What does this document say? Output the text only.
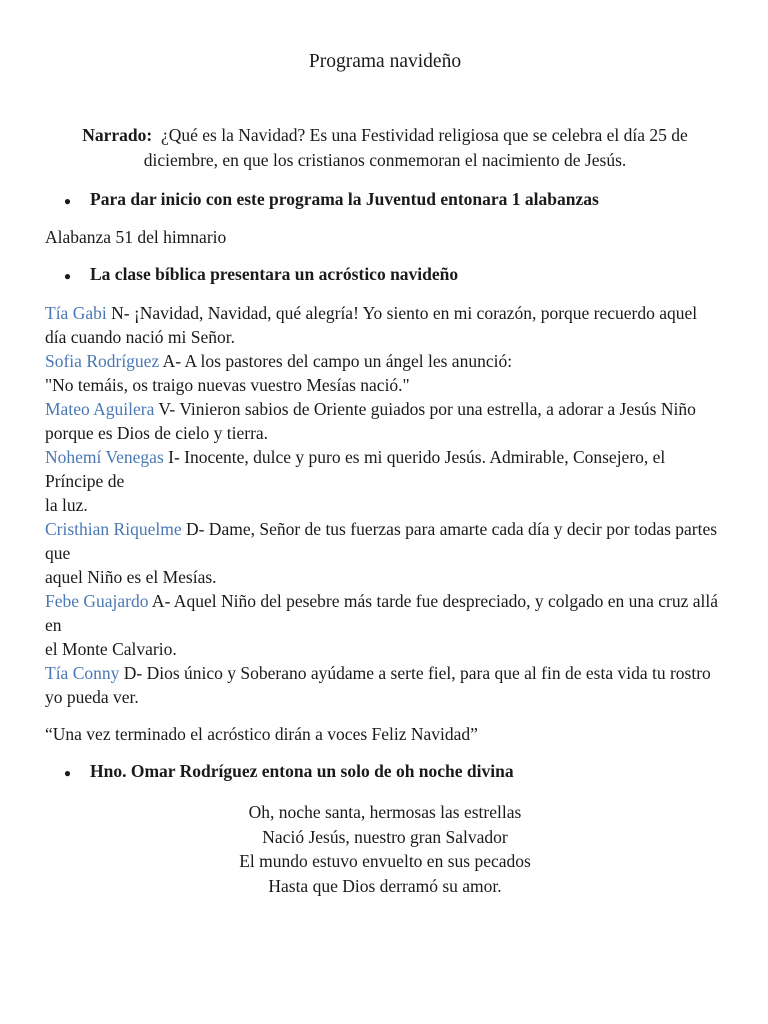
Programa navideño

Narrado: ¿Qué es la Navidad? Es una Festividad religiosa que se celebra el día 25 de diciembre, en que los cristianos conmemoran el nacimiento de Jesús.

●	Para dar inicio con este programa la Juventud entonara 1 alabanzas

Alabanza 51 del himnario

●	La clase bíblica presentara un acróstico navideño

Tía Gabi N- ¡Navidad, Navidad, qué alegría! Yo siento en mi corazón, porque recuerdo aquel
día cuando nació mi Señor.

Sofia Rodríguez A- A los pastores del campo un ángel les anunció:
"No temáis, os traigo nuevas vuestro Mesías nació."

Mateo Aguilera V- Vinieron sabios de Oriente guiados por una estrella, a adorar a Jesús Niño
porque es Dios de cielo y tierra.

Nohemí Venegas I- Inocente, dulce y puro es mi querido Jesús. Admirable, Consejero, el Príncipe de
la luz.

Cristhian Riquelme D- Dame, Señor de tus fuerzas para amarte cada día y decir por todas partes que
aquel Niño es el Mesías.

Febe Guajardo A- Aquel Niño del pesebre más tarde fue despreciado, y colgado en una cruz allá en
el Monte Calvario.

Tía Conny D- Dios único y Soberano ayúdame a serte fiel, para que al fin de esta vida tu rostro
yo pueda ver.

“Una vez terminado el acróstico dirán a voces Feliz Navidad”

●	Hno. Omar Rodríguez entona un solo de oh noche divina

Oh, noche santa, hermosas las estrellas
Nació Jesús, nuestro gran Salvador
El mundo estuvo envuelto en sus pecados
Hasta que Dios derramó su amor.
